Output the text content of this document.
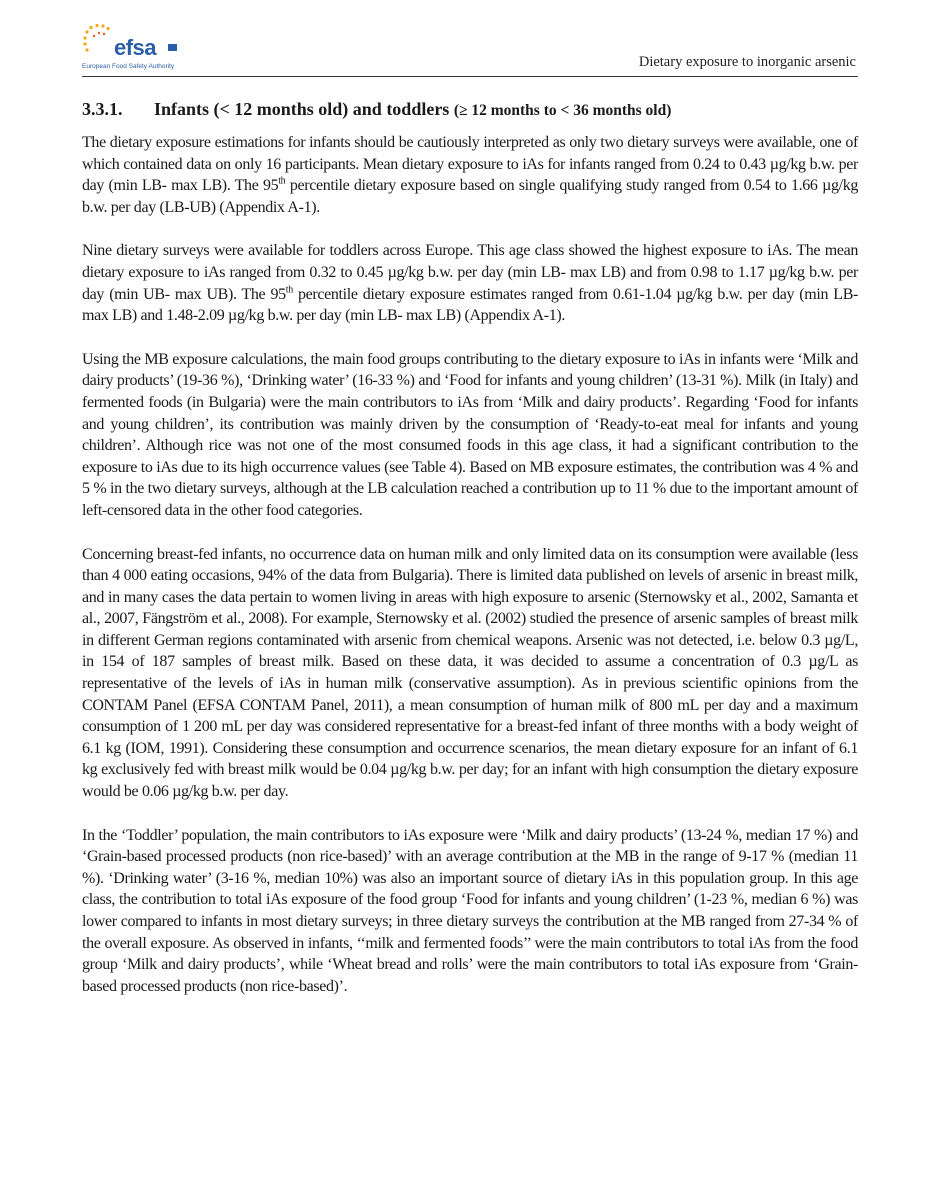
efsa
European Food Safety Authority	Dietary exposure to inorganic arsenic
3.3.1. Infants (< 12 months old) and toddlers (≥ 12 months to < 36 months old)

The dietary exposure estimations for infants should be cautiously interpreted as only two dietary surveys were available, one of which contained data on only 16 participants. Mean dietary exposure to iAs for infants ranged from 0.24 to 0.43 µg/kg b.w. per day (min LB- max LB). The 95th percentile dietary exposure based on single qualifying study ranged from 0.54 to 1.66 µg/kg b.w. per day (LB-UB) (Appendix A-1).

Nine dietary surveys were available for toddlers across Europe. This age class showed the highest exposure to iAs. The mean dietary exposure to iAs ranged from 0.32 to 0.45 µg/kg b.w. per day (min LB- max LB) and from 0.98 to 1.17 µg/kg b.w. per day (min UB- max UB). The 95th percentile dietary exposure estimates ranged from 0.61-1.04 µg/kg b.w. per day (min LB- max LB) and 1.48-2.09 µg/kg b.w. per day (min LB- max LB) (Appendix A-1).

Using the MB exposure calculations, the main food groups contributing to the dietary exposure to iAs in infants were ‘Milk and dairy products’ (19-36 %), ‘Drinking water’ (16-33 %) and ‘Food for infants and young children’ (13-31 %). Milk (in Italy) and fermented foods (in Bulgaria) were the main contributors to iAs from ‘Milk and dairy products’. Regarding ‘Food for infants and young children’, its contribution was mainly driven by the consumption of ‘Ready-to-eat meal for infants and young children’. Although rice was not one of the most consumed foods in this age class, it had a significant contribution to the exposure to iAs due to its high occurrence values (see Table 4). Based on MB exposure estimates, the contribution was 4 % and 5 % in the two dietary surveys, although at the LB calculation reached a contribution up to 11 % due to the important amount of left-censored data in the other food categories.

Concerning breast-fed infants, no occurrence data on human milk and only limited data on its consumption were available (less than 4 000 eating occasions, 94% of the data from Bulgaria). There is limited data published on levels of arsenic in breast milk, and in many cases the data pertain to women living in areas with high exposure to arsenic (Sternowsky et al., 2002, Samanta et al., 2007, Fängström et al., 2008). For example, Sternowsky et al. (2002) studied the presence of arsenic samples of breast milk in different German regions contaminated with arsenic from chemical weapons. Arsenic was not detected, i.e. below 0.3 µg/L, in 154 of 187 samples of breast milk. Based on these data, it was decided to assume a concentration of 0.3 µg/L as representative of the levels of iAs in human milk (conservative assumption). As in previous scientific opinions from the CONTAM Panel (EFSA CONTAM Panel, 2011), a mean consumption of human milk of 800 mL per day and a maximum consumption of 1 200 mL per day was considered representative for a breast-fed infant of three months with a body weight of 6.1 kg (IOM, 1991). Considering these consumption and occurrence scenarios, the mean dietary exposure for an infant of 6.1 kg exclusively fed with breast milk would be 0.04 µg/kg b.w. per day; for an infant with high consumption the dietary exposure would be 0.06 µg/kg b.w. per day.

In the ‘Toddler’ population, the main contributors to iAs exposure were ‘Milk and dairy products’ (13-24 %, median 17 %) and ‘Grain-based processed products (non rice-based)’ with an average contribution at the MB in the range of 9-17 % (median 11 %). ‘Drinking water’ (3-16 %, median 10%) was also an important source of dietary iAs in this population group. In this age class, the contribution to total iAs exposure of the food group ‘Food for infants and young children’ (1-23 %, median 6 %) was lower compared to infants in most dietary surveys; in three dietary surveys the contribution at the MB ranged from 27-34 % of the overall exposure. As observed in infants, ‘‘milk and fermented foods’’ were the main contributors to total iAs from the food group ‘Milk and dairy products’, while ‘Wheat bread and rolls’ were the main contributors to total iAs exposure from ‘Grain-based processed products (non rice-based)’.
